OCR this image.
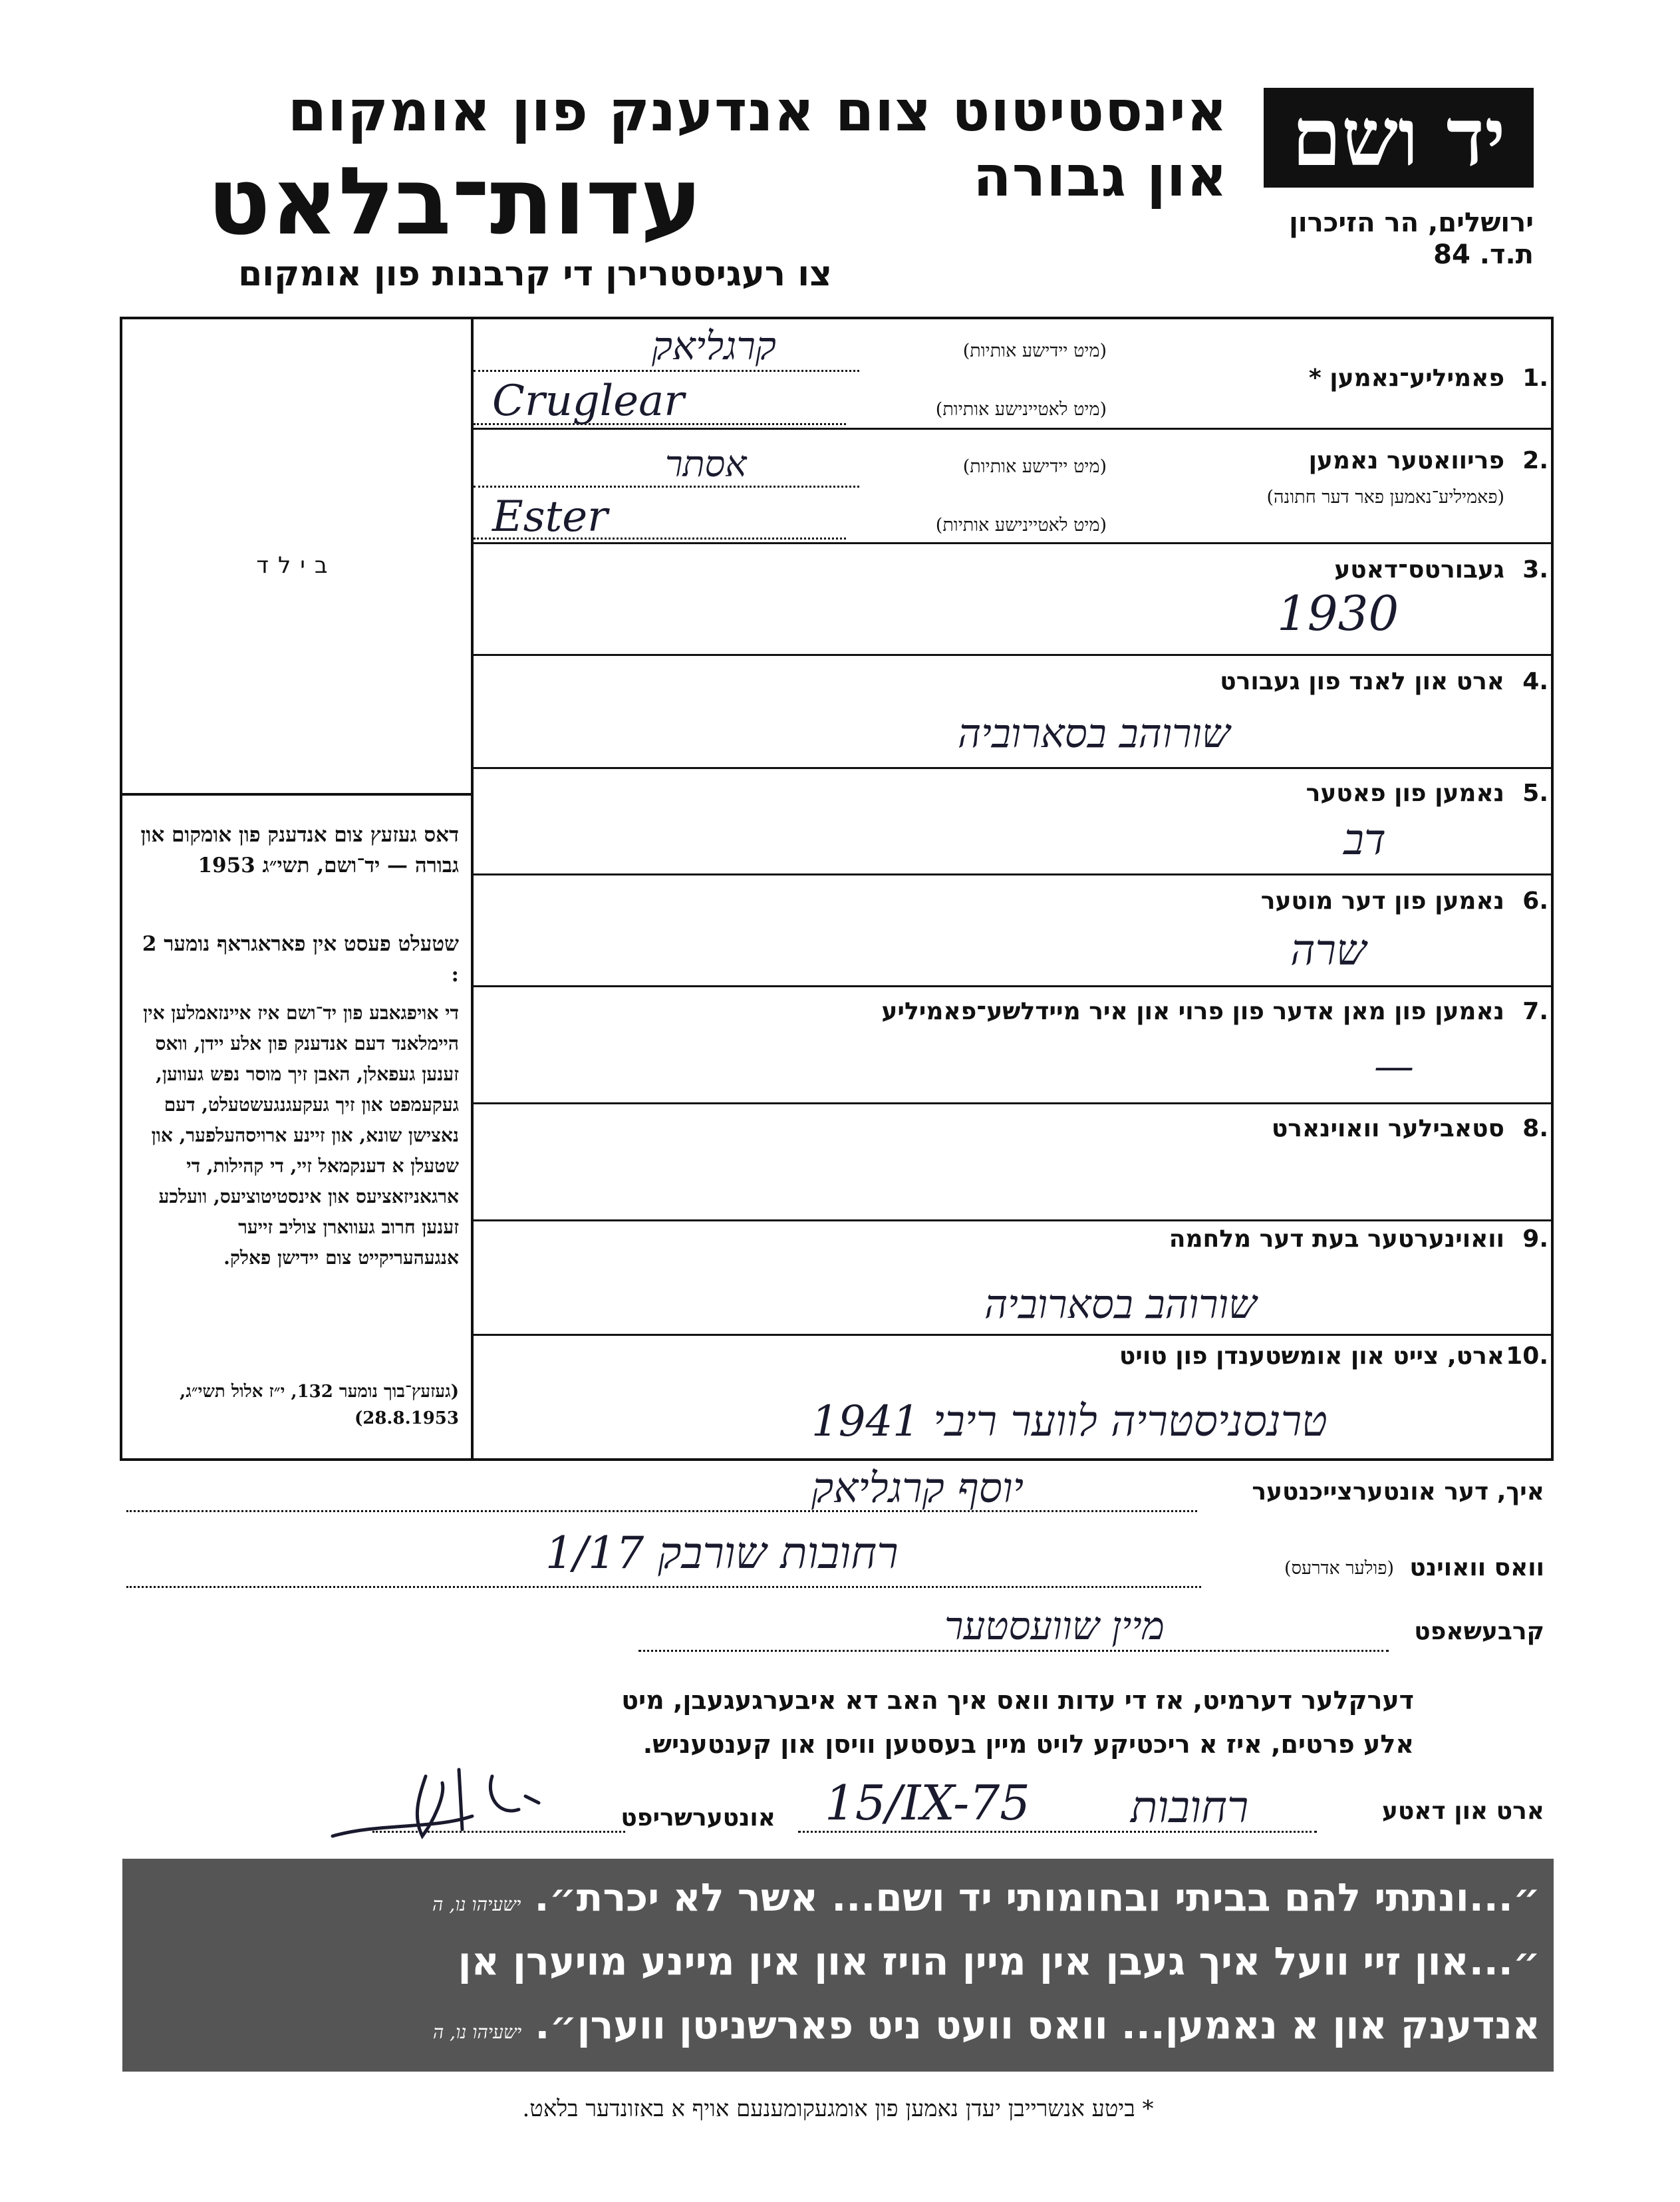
יד ושם
ירושלים, הר הזיכרון
ת.ד. 84
אינסטיטוט צום אנדענק פון אומקום און גבורה
עדות־בלאט
צו רעגיסטרירן די קרבנות פון אומקום
בילד
דאס געזעץ צום אנדענק פון אומקום און גבורה — יד־ושם, תשי״ג 1953
שטעלט פעסט אין פאראגראף נומער 2 :
די אויפגאבע פון יד־ושם איז איינזאמלען אין היימלאנד דעם אנדענק פון אלע יידן, וואס זענען געפאלן, האבן זיך מוסר נפש געווען, געקעמפט און זיך געקעגנגעשטעלט, דעם נאצישן שונא, און זיינע ארויסהעלפער, און שטעלן א דענקמאל זיי, די קהילות, די ארגאניזאציעס און אינסטיטוציעס, וועלכע זענען חרוב געווארן צוליב זייער אנגעהעריקייט צום יידישן פאלק.
(געזעץ־בוך נומער 132, י״ז אלול תשי״ג, 28.8.1953)
1.
פאמיליע־נאמען *
(מיט יידישע אותיות)
(מיט לאטיינישע אותיות)
קרגליאק
Cruglear
2.
פריוואטער נאמען
(פאמיליע־נאמען פאר דער חתונה)
(מיט יידישע אותיות)
(מיט לאטיינישע אותיות)
אסתר
Ester
3.
געבורטס־דאטע
1930
4.
ארט און לאנד פון געבורט
שורוהב בסארוביה
5.
נאמען פון פאטער
דב
6.
נאמען פון דער מוטער
שרה
7.
נאמען פון מאן אדער פון פרוי און איר מיידלשע־פאמיליע
—
8.
סטאבילער וואוינארט
9.
וואוינערטער בעת דער מלחמה
שורוהב בסארוביה
10.
ארט, צייט און אומשטענדן פון טויט
טרנסניסטריה לווער ריבי 1941
איך, דער אונטערצייכנטער
יוסף קרגליאק
וואס וואוינט
(פולער אדרעס)
רחובות שורבק 1/17
קרבעשאפט
מיין שוועסטער
דערקלער דערמיט, אז די עדות וואס איך האב דא איבערגעגעבן, מיט
אלע פרטים, איז א ריכטיקע לויט מיין בעסטען וויסן און קענטעניש.
ארט און דאטע
רחובות
15/IX-75
אונטערשריפט
״...ונתתי להם בביתי ובחומותי יד ושם... אשר לא יכרת״. ישעיהו נו, ה
״...און זיי וועל איך געבן אין מיין הויז און אין מיינע מויערן אן
אנדענק און א נאמען... וואס וועט ניט פארשניטן ווערן״. ישעיהו נו, ה
* ביטע אנשרייבן יעדן נאמען פון אומגעקומענעם אויף א באזונדער בלאט.
